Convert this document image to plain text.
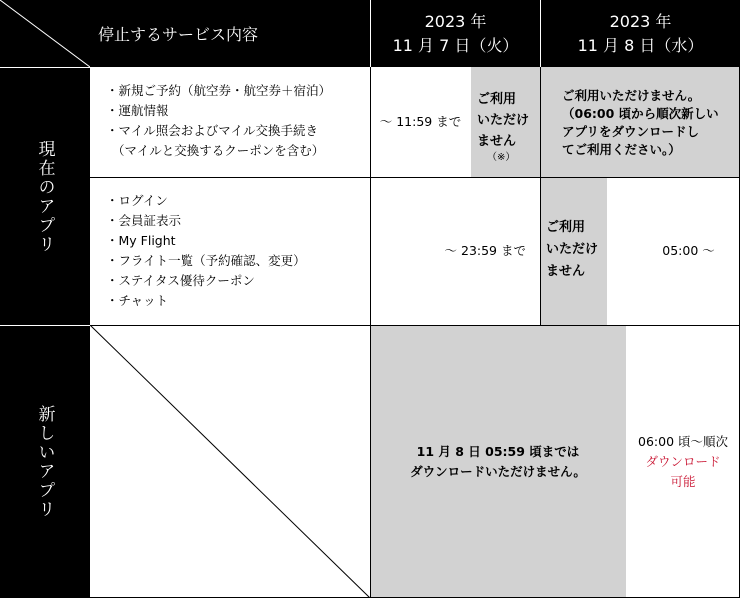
停止するサービス内容
2023 年
11 月 7 日（火）
2023 年
11 月 8 日（水）
現在のアプリ
・新規ご予約（航空券・航空券＋宿泊）
・運航情報
・マイル照会およびマイル交換手続き
（マイルと交換するクーポンを含む）
～ 11:59 まで
ご利用
いただけ
ません
（※）
ご利用いただけません。
（06:00 頃から順次新しい
アプリをダウンロードし
てご利用ください。）
・ログイン
・会員証表示
・My Flight
・フライト一覧（予約確認、変更）
・ステイタス優待クーポン
・チャット
～ 23:59 まで
ご利用
いただけ
ません
05:00 ～
新しいアプリ	11 月 8 日 05:59 頃までは
ダウンロードいただけません。
06:00 頃～順次
ダウンロード
可能
